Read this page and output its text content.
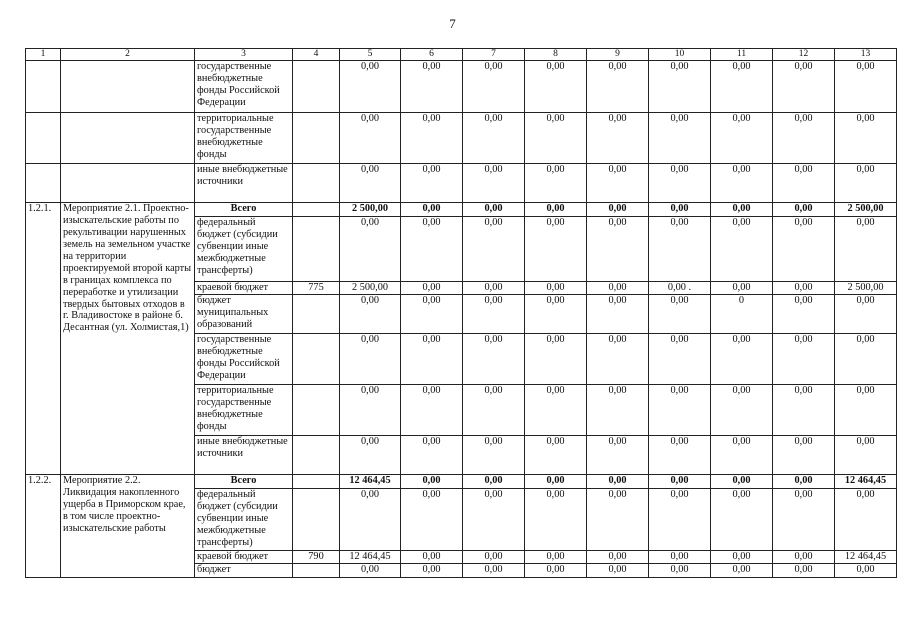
7
1	2	3	4	5	6	7	8	9	10	11	12	13
		государственные внебюджетные фонды Российской Федерации		0,00	0,00	0,00	0,00	0,00	0,00	0,00	0,00	0,00
		территориальные государственные внебюджетные фонды		0,00	0,00	0,00	0,00	0,00	0,00	0,00	0,00	0,00
		иные внебюджетные источники		0,00	0,00	0,00	0,00	0,00	0,00	0,00	0,00	0,00
1.2.1.	Мероприятие 2.1. Проектно-изыскательские работы по рекультивации нарушенных земель на земельном участке на территории проектируемой второй карты в границах комплекса по переработке и утилизации твердых бытовых отходов в г. Владивостоке в районе б. Десантная (ул. Холмистая,1)	Всего		2 500,00	0,00	0,00	0,00	0,00	0,00	0,00	0,00	2 500,00
		федеральный бюджет (субсидии субвенции иные межбюджетные трансферты)		0,00	0,00	0,00	0,00	0,00	0,00	0,00	0,00	0,00
		краевой бюджет	775	2 500,00	0,00	0,00	0,00	0,00	0,00 .	0,00	0,00	2 500,00
		бюджет муниципальных образований		0,00	0,00	0,00	0,00	0,00	0,00	0	0,00	0,00
		государственные внебюджетные фонды Российской Федерации		0,00	0,00	0,00	0,00	0,00	0,00	0,00	0,00	0,00
		территориальные государственные внебюджетные фонды		0,00	0,00	0,00	0,00	0,00	0,00	0,00	0,00	0,00
		иные внебюджетные источники		0,00	0,00	0,00	0,00	0,00	0,00	0,00	0,00	0,00
1.2.2.	Мероприятие 2.2. Ликвидация накопленного ущерба в Приморском крае, в том числе проектно-изыскательские работы	Всего		12 464,45	0,00	0,00	0,00	0,00	0,00	0,00	0,00	12 464,45
		федеральный бюджет (субсидии субвенции иные межбюджетные трансферты)		0,00	0,00	0,00	0,00	0,00	0,00	0,00	0,00	0,00
		краевой бюджет	790	12 464,45	0,00	0,00	0,00	0,00	0,00	0,00	0,00	12 464,45
		бюджет		0,00	0,00	0,00	0,00	0,00	0,00	0,00	0,00	0,00
